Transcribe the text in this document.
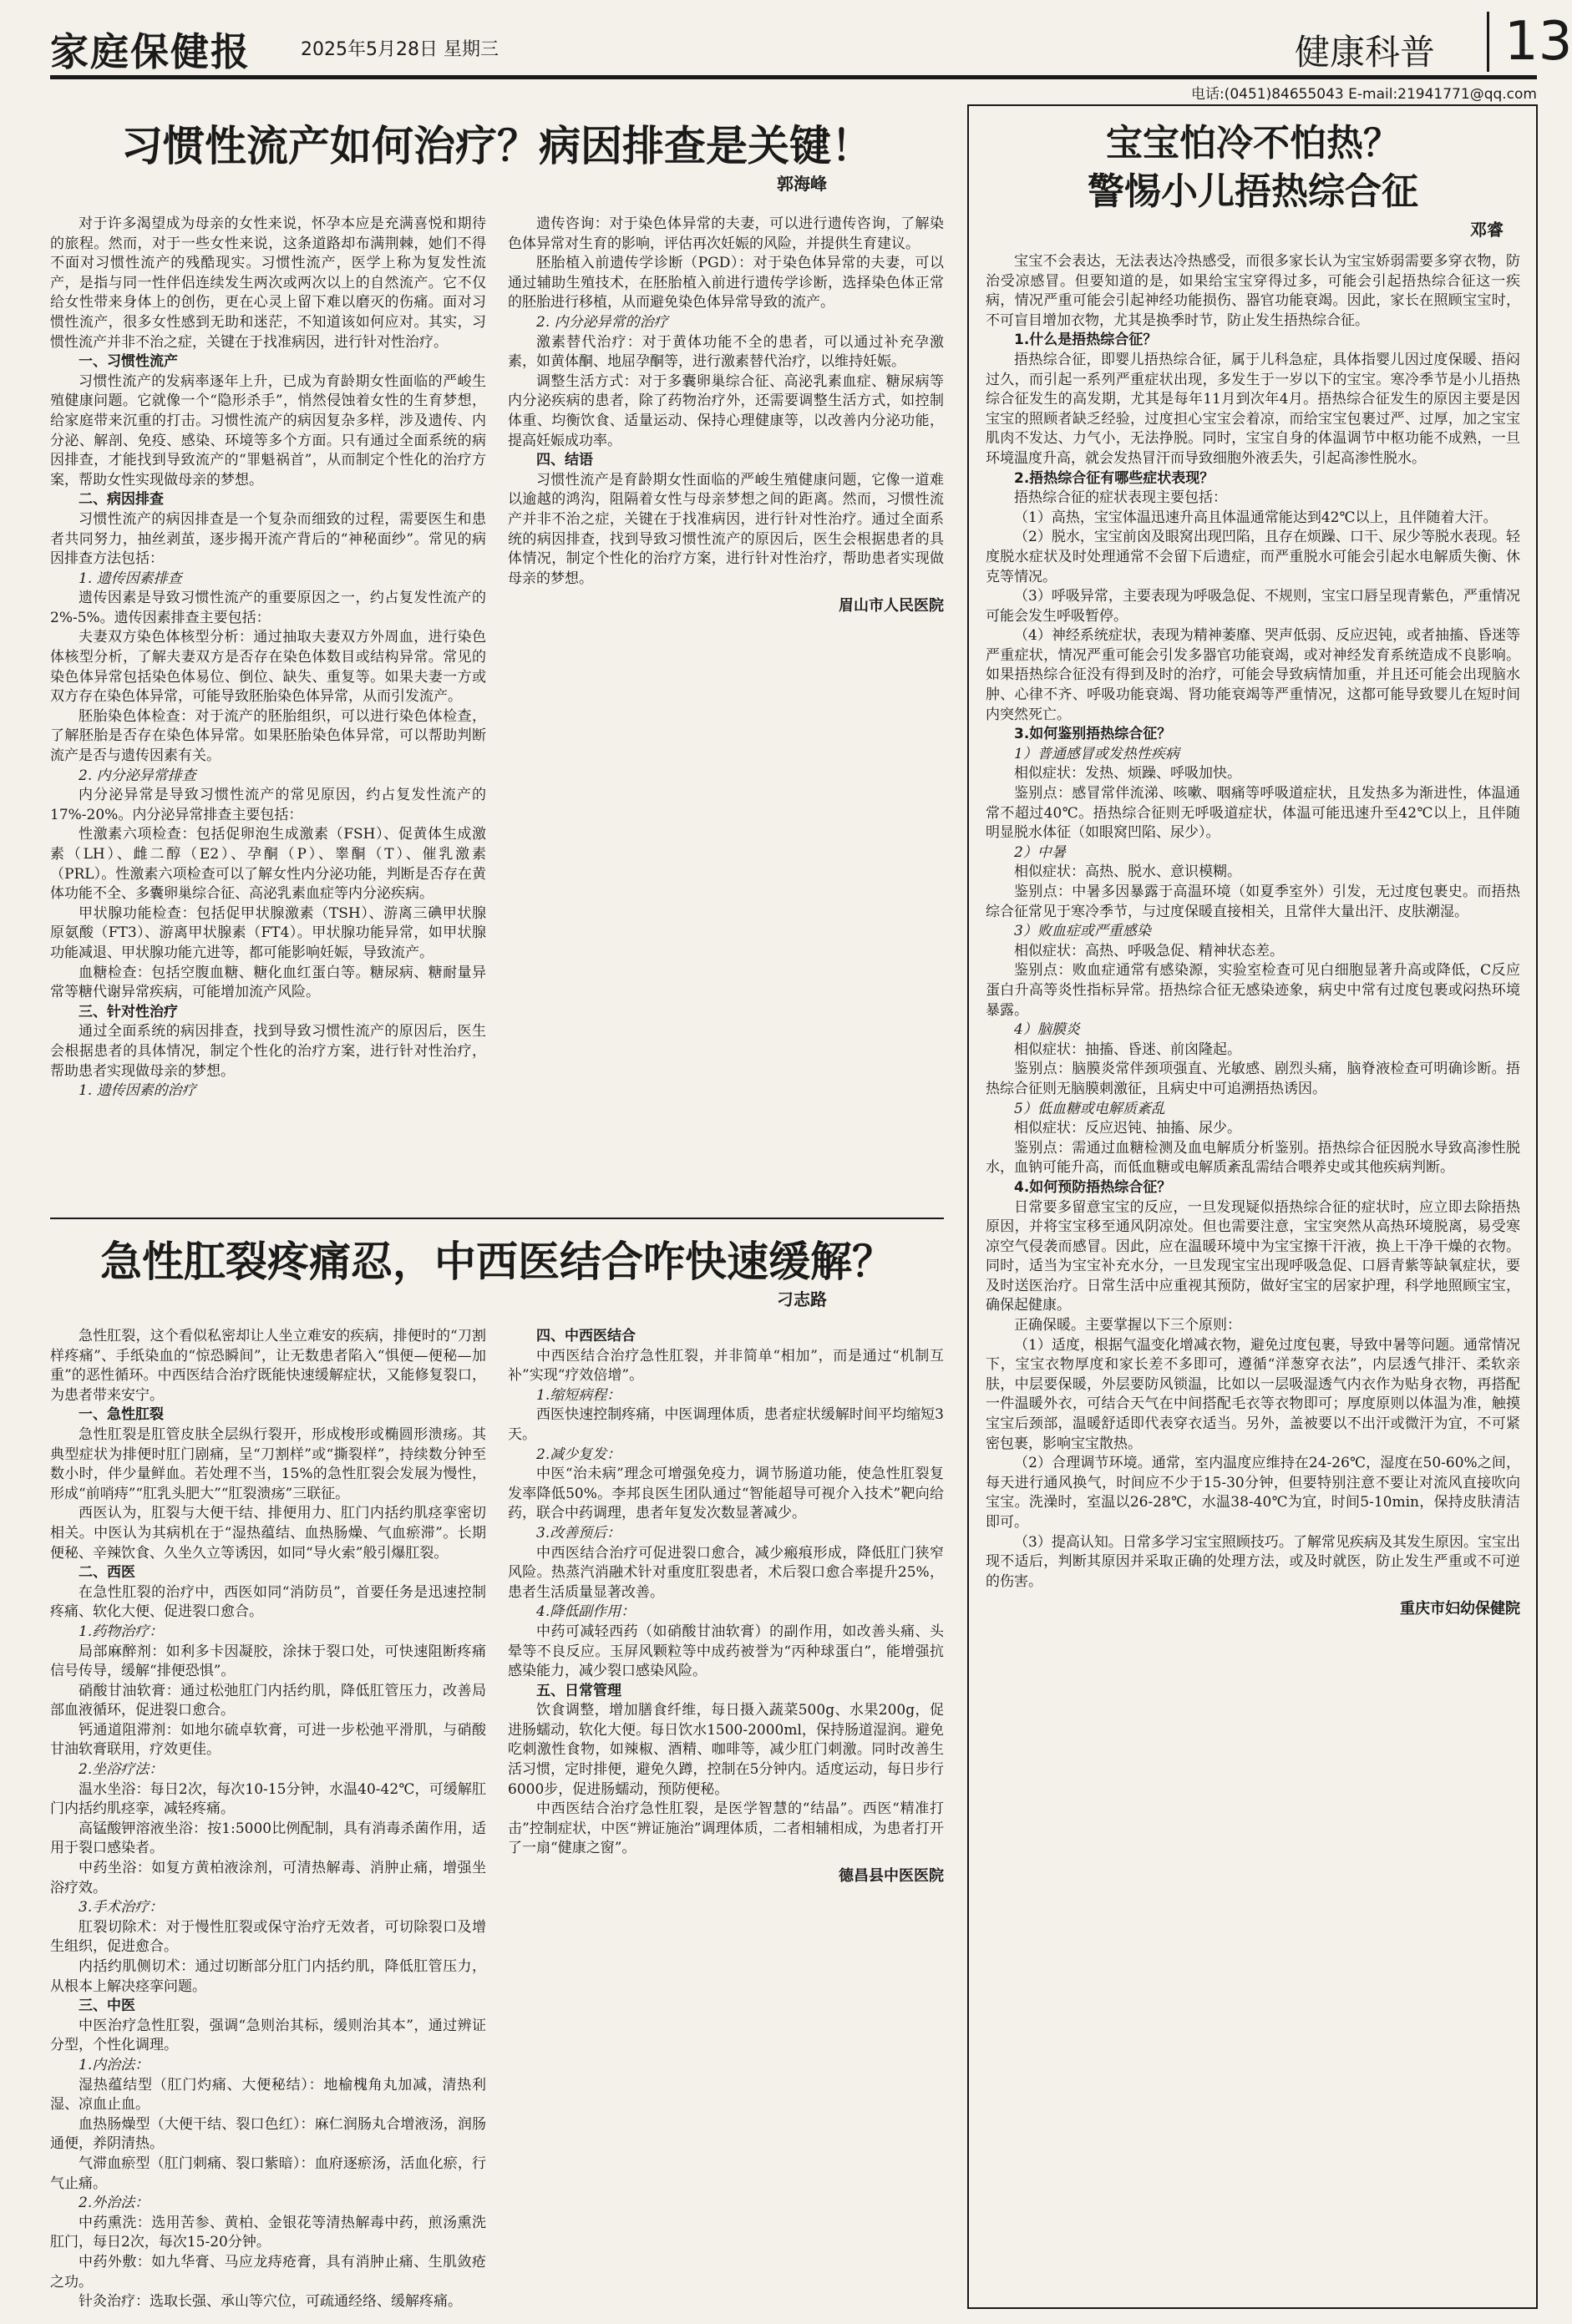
家庭保健报	2025年5月28日 星期三	健康科普	13
电话:(0451)84655043 E-mail:21941771@qq.com
习惯性流产如何治疗？病因排查是关键！
郭海峰

对于许多渴望成为母亲的女性来说，怀孕本应是充满喜悦和期待的旅程。然而，对于一些女性来说，这条道路却布满荆棘，她们不得不面对习惯性流产的残酷现实。习惯性流产，医学上称为复发性流产，是指与同一性伴侣连续发生两次或两次以上的自然流产。它不仅给女性带来身体上的创伤，更在心灵上留下难以磨灭的伤痛。面对习惯性流产，很多女性感到无助和迷茫，不知道该如何应对。其实，习惯性流产并非不治之症，关键在于找准病因，进行针对性治疗。

一、习惯性流产

习惯性流产的发病率逐年上升，已成为育龄期女性面临的严峻生殖健康问题。它就像一个“隐形杀手”，悄然侵蚀着女性的生育梦想，给家庭带来沉重的打击。习惯性流产的病因复杂多样，涉及遗传、内分泌、解剖、免疫、感染、环境等多个方面。只有通过全面系统的病因排查，才能找到导致流产的“罪魁祸首”，从而制定个性化的治疗方案，帮助女性实现做母亲的梦想。

二、病因排查

习惯性流产的病因排查是一个复杂而细致的过程，需要医生和患者共同努力，抽丝剥茧，逐步揭开流产背后的“神秘面纱”。常见的病因排查方法包括：

1. 遗传因素排查

遗传因素是导致习惯性流产的重要原因之一，约占复发性流产的2%-5%。遗传因素排查主要包括：

夫妻双方染色体核型分析：通过抽取夫妻双方外周血，进行染色体核型分析，了解夫妻双方是否存在染色体数目或结构异常。常见的染色体异常包括染色体易位、倒位、缺失、重复等。如果夫妻一方或双方存在染色体异常，可能导致胚胎染色体异常，从而引发流产。

胚胎染色体检查：对于流产的胚胎组织，可以进行染色体检查，了解胚胎是否存在染色体异常。如果胚胎染色体异常，可以帮助判断流产是否与遗传因素有关。

2. 内分泌异常排查

内分泌异常是导致习惯性流产的常见原因，约占复发性流产的17%-20%。内分泌异常排查主要包括：

性激素六项检查：包括促卵泡生成激素（FSH）、促黄体生成激素（LH）、雌二醇（E2）、孕酮（P）、睾酮（T）、催乳激素（PRL）。性激素六项检查可以了解女性内分泌功能，判断是否存在黄体功能不全、多囊卵巢综合征、高泌乳素血症等内分泌疾病。

甲状腺功能检查：包括促甲状腺激素（TSH）、游离三碘甲状腺原氨酸（FT3）、游离甲状腺素（FT4）。甲状腺功能异常，如甲状腺功能减退、甲状腺功能亢进等，都可能影响妊娠，导致流产。

血糖检查：包括空腹血糖、糖化血红蛋白等。糖尿病、糖耐量异常等糖代谢异常疾病，可能增加流产风险。

三、针对性治疗

通过全面系统的病因排查，找到导致习惯性流产的原因后，医生会根据患者的具体情况，制定个性化的治疗方案，进行针对性治疗，帮助患者实现做母亲的梦想。

1. 遗传因素的治疗

遗传咨询：对于染色体异常的夫妻，可以进行遗传咨询，了解染色体异常对生育的影响，评估再次妊娠的风险，并提供生育建议。

胚胎植入前遗传学诊断（PGD）：对于染色体异常的夫妻，可以通过辅助生殖技术，在胚胎植入前进行遗传学诊断，选择染色体正常的胚胎进行移植，从而避免染色体异常导致的流产。

2. 内分泌异常的治疗

激素替代治疗：对于黄体功能不全的患者，可以通过补充孕激素，如黄体酮、地屈孕酮等，进行激素替代治疗，以维持妊娠。

调整生活方式：对于多囊卵巢综合征、高泌乳素血症、糖尿病等内分泌疾病的患者，除了药物治疗外，还需要调整生活方式，如控制体重、均衡饮食、适量运动、保持心理健康等，以改善内分泌功能，提高妊娠成功率。

四、结语

习惯性流产是育龄期女性面临的严峻生殖健康问题，它像一道难以逾越的鸿沟，阻隔着女性与母亲梦想之间的距离。然而，习惯性流产并非不治之症，关键在于找准病因，进行针对性治疗。通过全面系统的病因排查，找到导致习惯性流产的原因后，医生会根据患者的具体情况，制定个性化的治疗方案，进行针对性治疗，帮助患者实现做母亲的梦想。

眉山市人民医院
急性肛裂疼痛忍，中西医结合咋快速缓解？
刁志路

急性肛裂，这个看似私密却让人坐立难安的疾病，排便时的“刀割样疼痛”、手纸染血的“惊恐瞬间”，让无数患者陷入“惧便—便秘—加重”的恶性循环。中西医结合治疗既能快速缓解症状，又能修复裂口，为患者带来安宁。

一、急性肛裂

急性肛裂是肛管皮肤全层纵行裂开，形成梭形或椭圆形溃疡。其典型症状为排便时肛门剧痛，呈“刀割样”或“撕裂样”，持续数分钟至数小时，伴少量鲜血。若处理不当，15%的急性肛裂会发展为慢性，形成“前哨痔”“肛乳头肥大”“肛裂溃疡”三联征。

西医认为，肛裂与大便干结、排便用力、肛门内括约肌痉挛密切相关。中医认为其病机在于“湿热蕴结、血热肠燥、气血瘀滞”。长期便秘、辛辣饮食、久坐久立等诱因，如同“导火索”般引爆肛裂。

二、西医

在急性肛裂的治疗中，西医如同“消防员”，首要任务是迅速控制疼痛、软化大便、促进裂口愈合。

1.药物治疗：

局部麻醉剂：如利多卡因凝胶，涂抹于裂口处，可快速阻断疼痛信号传导，缓解“排便恐惧”。

硝酸甘油软膏：通过松弛肛门内括约肌，降低肛管压力，改善局部血液循环，促进裂口愈合。

钙通道阻滞剂：如地尔硫卓软膏，可进一步松弛平滑肌，与硝酸甘油软膏联用，疗效更佳。

2.坐浴疗法：

温水坐浴：每日2次，每次10-15分钟，水温40-42℃，可缓解肛门内括约肌痉挛，减轻疼痛。

高锰酸钾溶液坐浴：按1:5000比例配制，具有消毒杀菌作用，适用于裂口感染者。

中药坐浴：如复方黄柏液涂剂，可清热解毒、消肿止痛，增强坐浴疗效。

3.手术治疗：

肛裂切除术：对于慢性肛裂或保守治疗无效者，可切除裂口及增生组织，促进愈合。

内括约肌侧切术：通过切断部分肛门内括约肌，降低肛管压力，从根本上解决痉挛问题。

三、中医

中医治疗急性肛裂，强调“急则治其标，缓则治其本”，通过辨证分型，个性化调理。

1.内治法：

湿热蕴结型（肛门灼痛、大便秘结）：地榆槐角丸加减，清热利湿、凉血止血。

血热肠燥型（大便干结、裂口色红）：麻仁润肠丸合增液汤，润肠通便，养阴清热。

气滞血瘀型（肛门刺痛、裂口紫暗）：血府逐瘀汤，活血化瘀，行气止痛。

2.外治法：

中药熏洗：选用苦参、黄柏、金银花等清热解毒中药，煎汤熏洗肛门，每日2次，每次15-20分钟。

中药外敷：如九华膏、马应龙痔疮膏，具有消肿止痛、生肌敛疮之功。

针灸治疗：选取长强、承山等穴位，可疏通经络、缓解疼痛。

四、中西医结合

中西医结合治疗急性肛裂，并非简单“相加”，而是通过“机制互补”实现“疗效倍增”。

1.缩短病程：

西医快速控制疼痛，中医调理体质，患者症状缓解时间平均缩短3天。

2.减少复发：

中医“治未病”理念可增强免疫力，调节肠道功能，使急性肛裂复发率降低50%。李邦良医生团队通过“智能超导可视介入技术”靶向给药，联合中药调理，患者年复发次数显著减少。

3.改善预后：

中西医结合治疗可促进裂口愈合，减少瘢痕形成，降低肛门狭窄风险。热蒸汽消融术针对重度肛裂患者，术后裂口愈合率提升25%，患者生活质量显著改善。

4.降低副作用：

中药可减轻西药（如硝酸甘油软膏）的副作用，如改善头痛、头晕等不良反应。玉屏风颗粒等中成药被誉为“丙种球蛋白”，能增强抗感染能力，减少裂口感染风险。

五、日常管理

饮食调整，增加膳食纤维，每日摄入蔬菜500g、水果200g，促进肠蠕动，软化大便。每日饮水1500-2000ml，保持肠道湿润。避免吃刺激性食物，如辣椒、酒精、咖啡等，减少肛门刺激。同时改善生活习惯，定时排便，避免久蹲，控制在5分钟内。适度运动，每日步行6000步，促进肠蠕动，预防便秘。

中西医结合治疗急性肛裂，是医学智慧的“结晶”。西医“精准打击”控制症状，中医“辨证施治”调理体质，二者相辅相成，为患者打开了一扇“健康之窗”。

德昌县中医医院
宝宝怕冷不怕热？
警惕小儿捂热综合征
邓睿

宝宝不会表达，无法表达冷热感受，而很多家长认为宝宝娇弱需要多穿衣物，防治受凉感冒。但要知道的是，如果给宝宝穿得过多，可能会引起捂热综合征这一疾病，情况严重可能会引起神经功能损伤、器官功能衰竭。因此，家长在照顾宝宝时，不可盲目增加衣物，尤其是换季时节，防止发生捂热综合征。

1.什么是捂热综合征？

捂热综合征，即婴儿捂热综合征，属于儿科急症，具体指婴儿因过度保暖、捂闷过久，而引起一系列严重症状出现，多发生于一岁以下的宝宝。寒冷季节是小儿捂热综合征发生的高发期，尤其是每年11月到次年4月。捂热综合征发生的原因主要是因宝宝的照顾者缺乏经验，过度担心宝宝会着凉，而给宝宝包裹过严、过厚，加之宝宝肌肉不发达、力气小，无法挣脱。同时，宝宝自身的体温调节中枢功能不成熟，一旦环境温度升高，就会发热冒汗而导致细胞外液丢失，引起高渗性脱水。

2.捂热综合征有哪些症状表现？

捂热综合征的症状表现主要包括：

（1）高热，宝宝体温迅速升高且体温通常能达到42℃以上，且伴随着大汗。

（2）脱水，宝宝前囟及眼窝出现凹陷，且存在烦躁、口干、尿少等脱水表现。轻度脱水症状及时处理通常不会留下后遗症，而严重脱水可能会引起水电解质失衡、休克等情况。

（3）呼吸异常，主要表现为呼吸急促、不规则，宝宝口唇呈现青紫色，严重情况可能会发生呼吸暂停。

（4）神经系统症状，表现为精神萎靡、哭声低弱、反应迟钝，或者抽搐、昏迷等严重症状，情况严重可能会引发多器官功能衰竭，或对神经发育系统造成不良影响。如果捂热综合征没有得到及时的治疗，可能会导致病情加重，并且还可能会出现脑水肿、心律不齐、呼吸功能衰竭、肾功能衰竭等严重情况，这都可能导致婴儿在短时间内突然死亡。

3.如何鉴别捂热综合征？

1）普通感冒或发热性疾病

相似症状：发热、烦躁、呼吸加快。

鉴别点：感冒常伴流涕、咳嗽、咽痛等呼吸道症状，且发热多为渐进性，体温通常不超过40℃。捂热综合征则无呼吸道症状，体温可能迅速升至42℃以上，且伴随明显脱水体征（如眼窝凹陷、尿少）。

2）中暑

相似症状：高热、脱水、意识模糊。

鉴别点：中暑多因暴露于高温环境（如夏季室外）引发，无过度包裹史。而捂热综合征常见于寒冷季节，与过度保暖直接相关，且常伴大量出汗、皮肤潮湿。

3）败血症或严重感染

相似症状：高热、呼吸急促、精神状态差。

鉴别点：败血症通常有感染源，实验室检查可见白细胞显著升高或降低，C反应蛋白升高等炎性指标异常。捂热综合征无感染迹象，病史中常有过度包裹或闷热环境暴露。

4）脑膜炎

相似症状：抽搐、昏迷、前囟隆起。

鉴别点：脑膜炎常伴颈项强直、光敏感、剧烈头痛，脑脊液检查可明确诊断。捂热综合征则无脑膜刺激征，且病史中可追溯捂热诱因。

5）低血糖或电解质紊乱

相似症状：反应迟钝、抽搐、尿少。

鉴别点：需通过血糖检测及血电解质分析鉴别。捂热综合征因脱水导致高渗性脱水，血钠可能升高，而低血糖或电解质紊乱需结合喂养史或其他疾病判断。

4.如何预防捂热综合征？

日常要多留意宝宝的反应，一旦发现疑似捂热综合征的症状时，应立即去除捂热原因，并将宝宝移至通风阴凉处。但也需要注意，宝宝突然从高热环境脱离，易受寒凉空气侵袭而感冒。因此，应在温暖环境中为宝宝擦干汗液，换上干净干燥的衣物。同时，适当为宝宝补充水分，一旦发现宝宝出现呼吸急促、口唇青紫等缺氧症状，要及时送医治疗。日常生活中应重视其预防，做好宝宝的居家护理，科学地照顾宝宝，确保起健康。

正确保暖。主要掌握以下三个原则：

（1）适度，根据气温变化增减衣物，避免过度包裹，导致中暑等问题。通常情况下，宝宝衣物厚度和家长差不多即可，遵循“洋葱穿衣法”，内层透气排汗、柔软亲肤，中层要保暖，外层要防风锁温，比如以一层吸湿透气内衣作为贴身衣物，再搭配一件温暖外衣，可结合天气在中间搭配毛衣等衣物即可；厚度原则以体温为准，触摸宝宝后颈部，温暖舒适即代表穿衣适当。另外，盖被要以不出汗或微汗为宜，不可紧密包裹，影响宝宝散热。

（2）合理调节环境。通常，室内温度应维持在24-26℃，湿度在50-60%之间，每天进行通风换气，时间应不少于15-30分钟，但要特别注意不要让对流风直接吹向宝宝。洗澡时，室温以26-28℃，水温38-40℃为宜，时间5-10min，保持皮肤清洁即可。

（3）提高认知。日常多学习宝宝照顾技巧。了解常见疾病及其发生原因。宝宝出现不适后，判断其原因并采取正确的处理方法，或及时就医，防止发生严重或不可逆的伤害。

重庆市妇幼保健院
